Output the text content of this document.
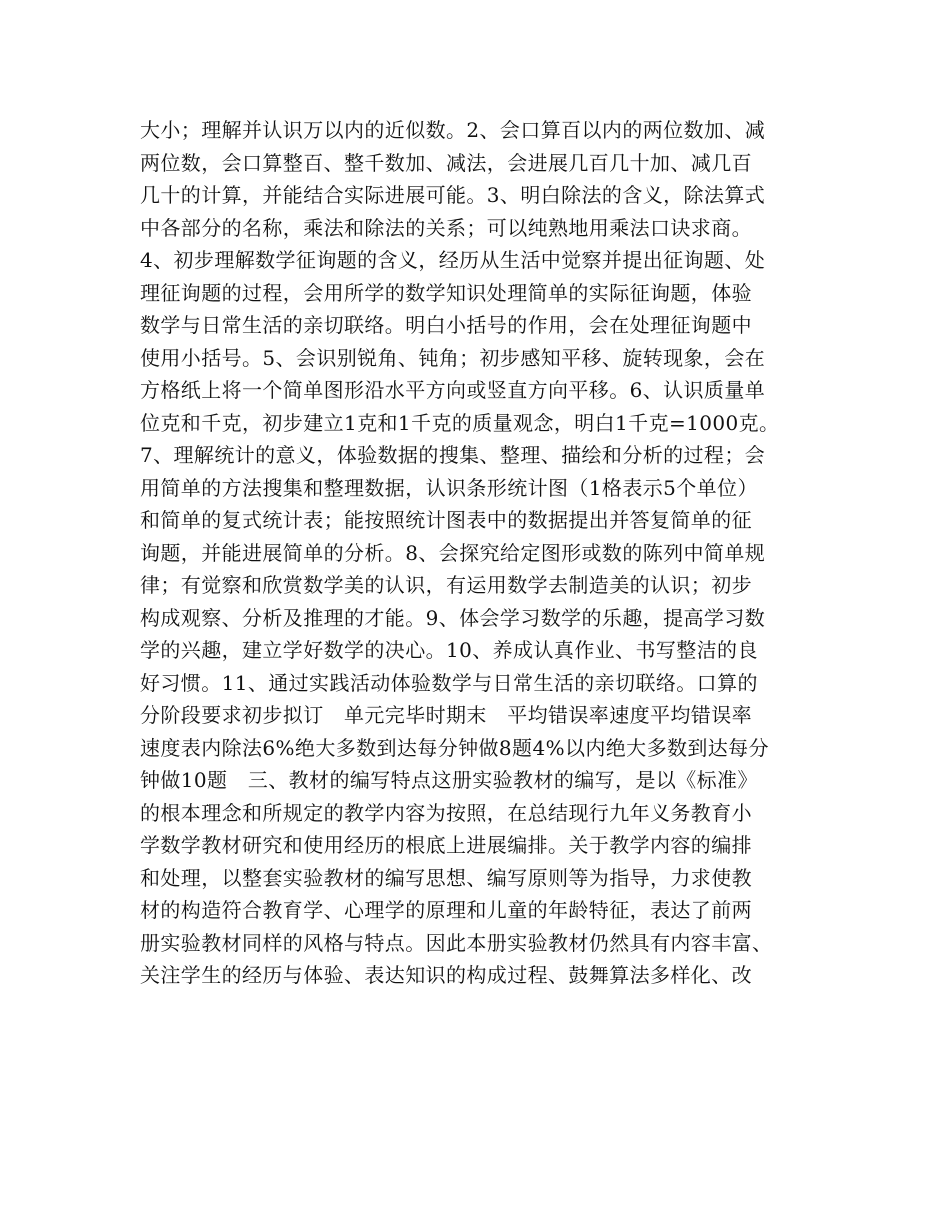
大小；理解并认识万以内的近似数。2、会口算百以内的两位数加、减
两位数，会口算整百、整千数加、减法，会进展几百几十加、减几百
几十的计算，并能结合实际进展可能。3、明白除法的含义，除法算式
中各部分的名称，乘法和除法的关系；可以纯熟地用乘法口诀求商。
4、初步理解数学征询题的含义，经历从生活中觉察并提出征询题、处
理征询题的过程，会用所学的数学知识处理简单的实际征询题，体验
数学与日常生活的亲切联络。明白小括号的作用，会在处理征询题中
使用小括号。5、会识别锐角、钝角；初步感知平移、旋转现象，会在
方格纸上将一个简单图形沿水平方向或竖直方向平移。6、认识质量单
位克和千克，初步建立1克和1千克的质量观念，明白1千克=1000克。
7、理解统计的意义，体验数据的搜集、整理、描绘和分析的过程；会
用简单的方法搜集和整理数据，认识条形统计图（1格表示5个单位）
和简单的复式统计表；能按照统计图表中的数据提出并答复简单的征
询题，并能进展简单的分析。8、会探究给定图形或数的陈列中简单规
律；有觉察和欣赏数学美的认识，有运用数学去制造美的认识；初步
构成观察、分析及推理的才能。9、体会学习数学的乐趣，提高学习数
学的兴趣，建立学好数学的决心。10、养成认真作业、书写整洁的良
好习惯。11、通过实践活动体验数学与日常生活的亲切联络。口算的
分阶段要求初步拟订　单元完毕时期末　平均错误率速度平均错误率
速度表内除法6%绝大多数到达每分钟做8题4%以内绝大多数到达每分
钟做10题　三、教材的编写特点这册实验教材的编写，是以《标准》
的根本理念和所规定的教学内容为按照，在总结现行九年义务教育小
学数学教材研究和使用经历的根底上进展编排。关于教学内容的编排
和处理，以整套实验教材的编写思想、编写原则等为指导，力求使教
材的构造符合教育学、心理学的原理和儿童的年龄特征，表达了前两
册实验教材同样的风格与特点。因此本册实验教材仍然具有内容丰富、
关注学生的经历与体验、表达知识的构成过程、鼓舞算法多样化、改
